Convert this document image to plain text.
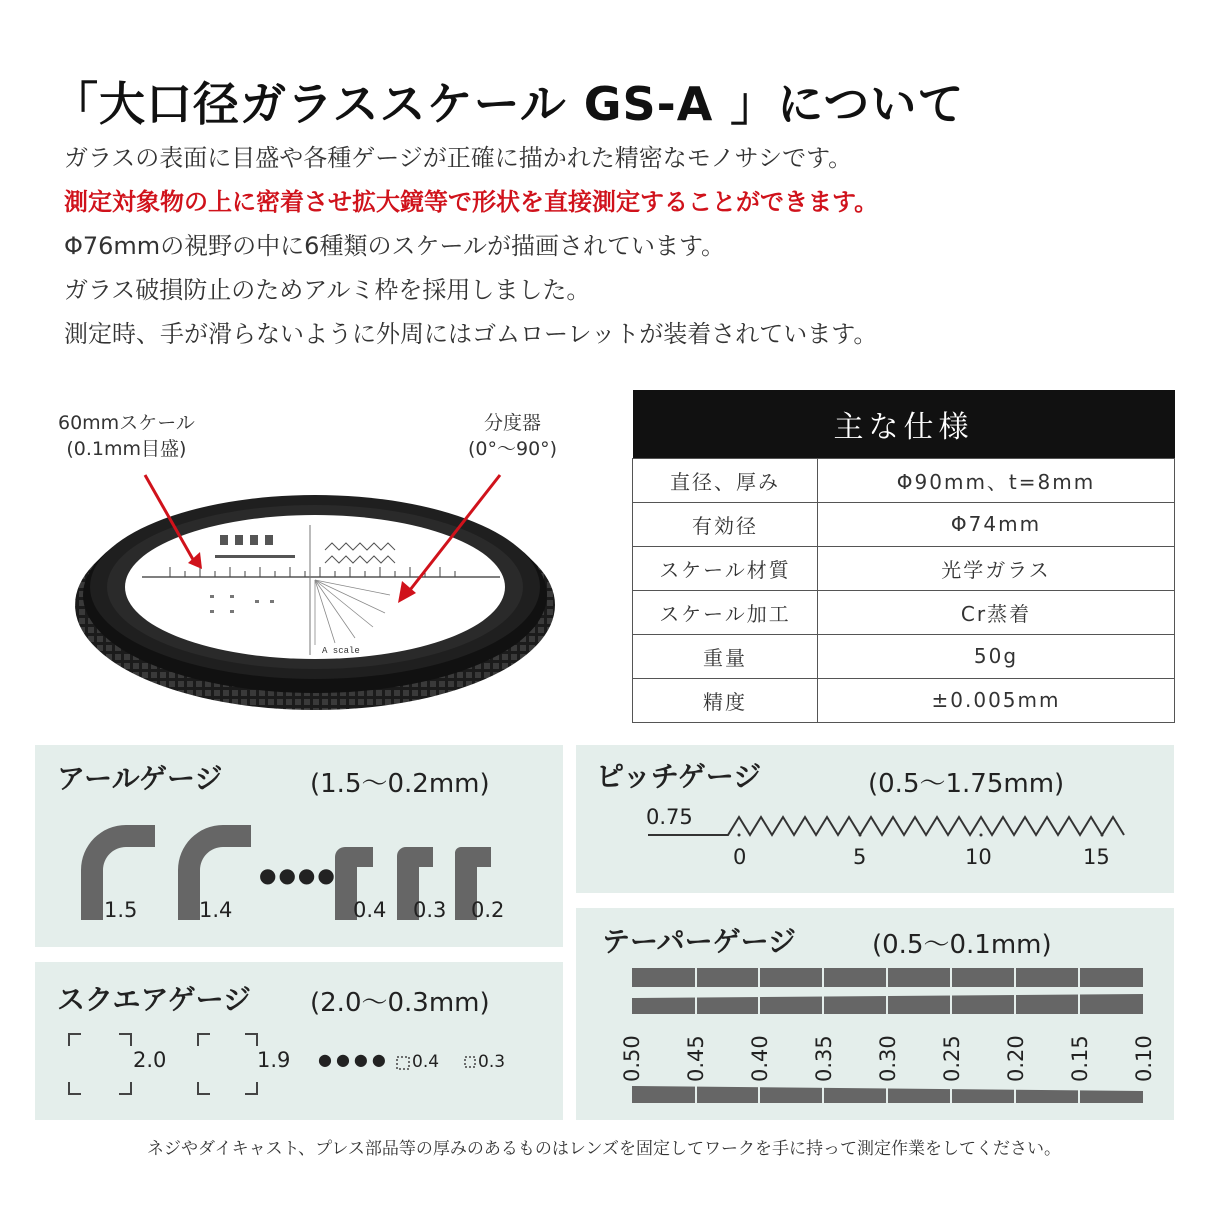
「大口径ガラススケール GS-A 」について
ガラスの表面に目盛や各種ゲージが正確に描かれた精密なモノサシです。
測定対象物の上に密着させ拡大鏡等で形状を直接測定することができます。
Φ76mmの視野の中に6種類のスケールが描画されています。
ガラス破損防止のためアルミ枠を採用しました。
測定時、手が滑らないように外周にはゴムローレットが装着されています。
60mmスケール
(0.1mm目盛)
分度器
(0°〜90°)
A scale
主な仕様	
直径、厚み	Φ90mm、t=8mm
有効径	Φ74mm
スケール材質	光学ガラス
スケール加工	Cr蒸着
重量	50g
精度	±0.005mm
アールゲージ	(1.5〜0.2mm)
1.5	1.4
●●●●
0.4 0.3 0.2
スクエアゲージ (2.0〜0.3mm)
2.0	1.9 ●●●● 0.4 0.3
ピッチゲージ	(0.5〜1.75mm)
0.75
0	5	10	15
テーパーゲージ	(0.5〜0.1mm)
0.50 0.45 0.40 0.35 0.30 0.25 0.20 0.15 0.10
ネジやダイキャスト、プレス部品等の厚みのあるものはレンズを固定してワークを手に持って測定作業をしてください。
